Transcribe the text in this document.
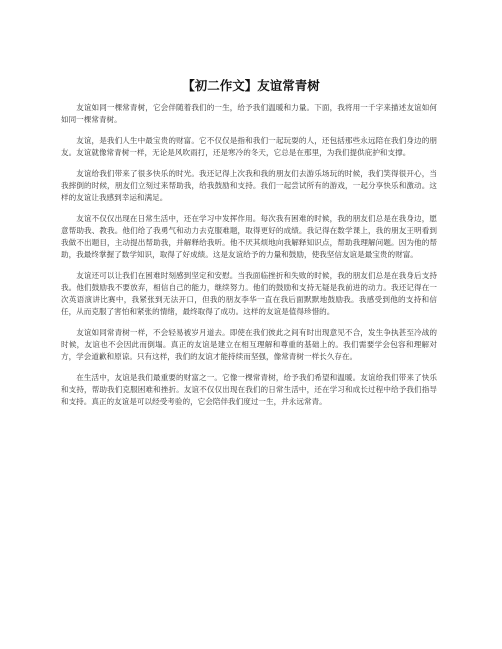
【初二作文】友谊常青树

友谊如同一棵常青树，它会伴随着我们的一生，给予我们温暖和力量。下面，我将用一千字来描述友谊如何如同一棵常青树。

友谊，是我们人生中最宝贵的财富。它不仅仅是指和我们一起玩耍的人，还包括那些永远陪在我们身边的朋友。友谊就像常青树一样，无论是风吹雨打，还是寒冷的冬天，它总是在那里，为我们提供庇护和支撑。

友谊给我们带来了很多快乐的时光。我还记得上次我和我的朋友们去游乐场玩的时候，我们笑得很开心，当我摔倒的时候，朋友们立刻过来帮助我，给我鼓励和支持。我们一起尝试所有的游戏，一起分享快乐和激动。这样的友谊让我感到幸运和满足。

友谊不仅仅出现在日常生活中，还在学习中发挥作用。每次我有困难的时候，我的朋友们总是在我身边，愿意帮助我、教我。他们给了我勇气和动力去克服难题，取得更好的成绩。我记得在数学课上，我的朋友王明看到我做不出题目，主动提出帮助我，并解释给我听。他不厌其烦地向我解释知识点，帮助我理解问题。因为他的帮助，我最终掌握了数学知识，取得了好成绩。这是友谊给予的力量和鼓励，使我坚信友谊是最宝贵的财富。

友谊还可以让我们在困难时刻感到坚定和安慰。当我面临挫折和失败的时候，我的朋友们总是在我身后支持我。他们鼓励我不要放弃，相信自己的能力，继续努力。他们的鼓励和支持无疑是我前进的动力。我还记得在一次英语演讲比赛中，我紧张到无法开口，但我的朋友李华一直在我后面默默地鼓励我。我感受到他的支持和信任，从而克服了害怕和紧张的情绪，最终取得了成功。这样的友谊是值得珍惜的。

友谊如同常青树一样，不会轻易被岁月道去。即使在我们彼此之间有时出现意见不合，发生争执甚至冷战的时候，友谊也不会因此而倒塌。真正的友谊是建立在相互理解和尊重的基础上的。我们需要学会包容和理解对方，学会道歉和原谅。只有这样，我们的友谊才能持续而坚强，像常青树一样长久存在。

在生活中，友谊是我们最重要的财富之一。它像一棵常青树，给予我们希望和温暖。友谊给我们带来了快乐和支持，帮助我们克服困难和挫折。友谊不仅仅出现在我们的日常生活中，还在学习和成长过程中给予我们指导和支持。真正的友谊是可以经受考验的，它会陪伴我们度过一生，并永远常青。
